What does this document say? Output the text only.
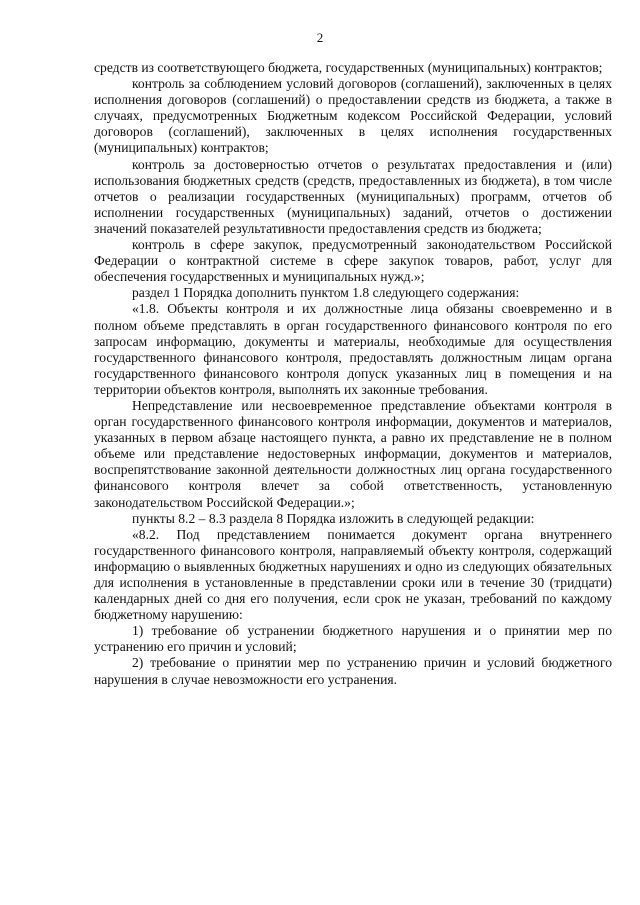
2

средств из соответствующего бюджета, государственных (муниципальных) контрактов;

контроль за соблюдением условий договоров (соглашений), заключенных в целях исполнения договоров (соглашений) о предоставлении средств из бюджета, а также в случаях, предусмотренных Бюджетным кодексом Российской Федерации, условий договоров (соглашений), заключенных в целях исполнения государственных (муниципальных) контрактов;

контроль за достоверностью отчетов о результатах предоставления и (или) использования бюджетных средств (средств, предоставленных из бюджета), в том числе отчетов о реализации государственных (муниципальных) программ, отчетов об исполнении государственных (муниципальных) заданий, отчетов о достижении значений показателей результативности предоставления средств из бюджета;

контроль в сфере закупок, предусмотренный законодательством Российской Федерации о контрактной системе в сфере закупок товаров, работ, услуг для обеспечения государственных и муниципальных нужд.»;

раздел 1 Порядка дополнить пунктом 1.8 следующего содержания:

«1.8. Объекты контроля и их должностные лица обязаны своевременно и в полном объеме представлять в орган государственного финансового контроля по его запросам информацию, документы и материалы, необходимые для осуществления государственного финансового контроля, предоставлять должностным лицам органа государственного финансового контроля допуск указанных лиц в помещения и на территории объектов контроля, выполнять их законные требования.

Непредставление или несвоевременное представление объектами контроля в орган государственного финансового контроля информации, документов и материалов, указанных в первом абзаце настоящего пункта, а равно их представление не в полном объеме или представление недостоверных информации, документов и материалов, воспрепятствование законной деятельности должностных лиц органа государственного финансового контроля влечет за собой ответственность, установленную законодательством Российской Федерации.»;

пункты 8.2 – 8.3 раздела 8 Порядка изложить в следующей редакции:

«8.2. Под представлением понимается документ органа внутреннего государственного финансового контроля, направляемый объекту контроля, содержащий информацию о выявленных бюджетных нарушениях и одно из следующих обязательных для исполнения в установленные в представлении сроки или в течение 30 (тридцати) календарных дней со дня его получения, если срок не указан, требований по каждому бюджетному нарушению:

1) требование об устранении бюджетного нарушения и о принятии мер по устранению его причин и условий;

2) требование о принятии мер по устранению причин и условий бюджетного нарушения в случае невозможности его устранения.
